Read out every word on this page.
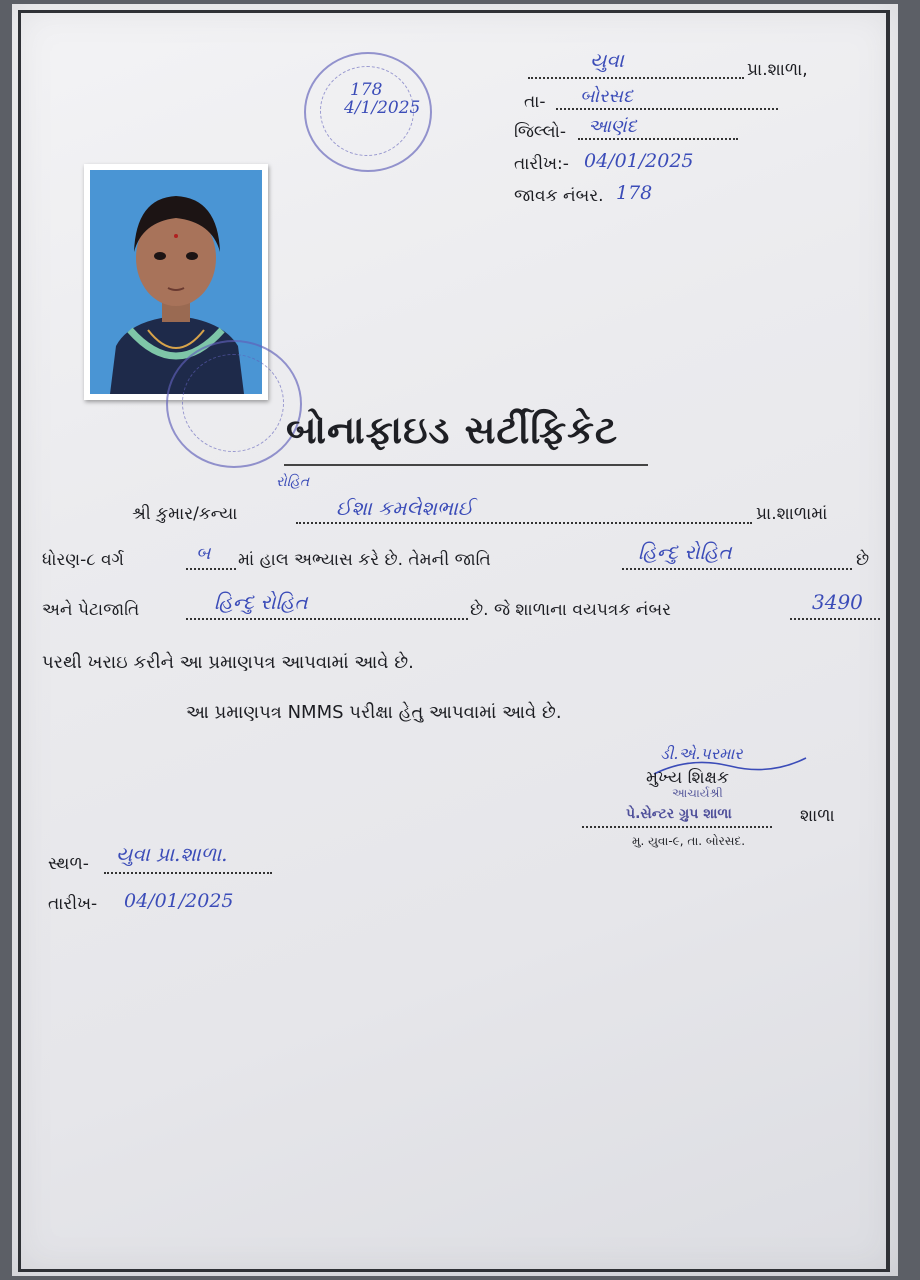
178
4/1/2025
યુવા	પ્રા.શાળા,
તા- બોરસદ
જિલ્લો- આણંદ
તારીખ:- 04/01/2025
જાવક નંબર. 178
બોનાફાઇડ સર્ટીફિકેટ
શ્રી કુમાર/કન્યા
રોહિત
ઈશા કમલેશભાઈ	પ્રા.શાળામાં
ધોરણ-૮ વર્ગ	બ માં હાલ અભ્યાસ કરે છે. તેમની જાતિ	હિન્દુ રોહિત	છે
અને પેટાજાતિ	હિન્દુ રોહિત	છે. જે શાળાના વયપત્રક નંબર	3490
પરથી ખરાઇ કરીને આ પ્રમાણપત્ર આપવામાં આવે છે.
આ પ્રમાણપત્ર NMMS પરીક્ષા હેતુ આપવામાં આવે છે.
ડી.એ.પરમાર
મુખ્ય શિક્ષક
આચાર્યશ્રી
પે.સેન્ટર ગ્રુપ શાળા	શાળા
મુ. યુવા-૯, તા. બોરસદ.
સ્થળ- યુવા પ્રા.શાળા.
તારીખ- 04/01/2025
